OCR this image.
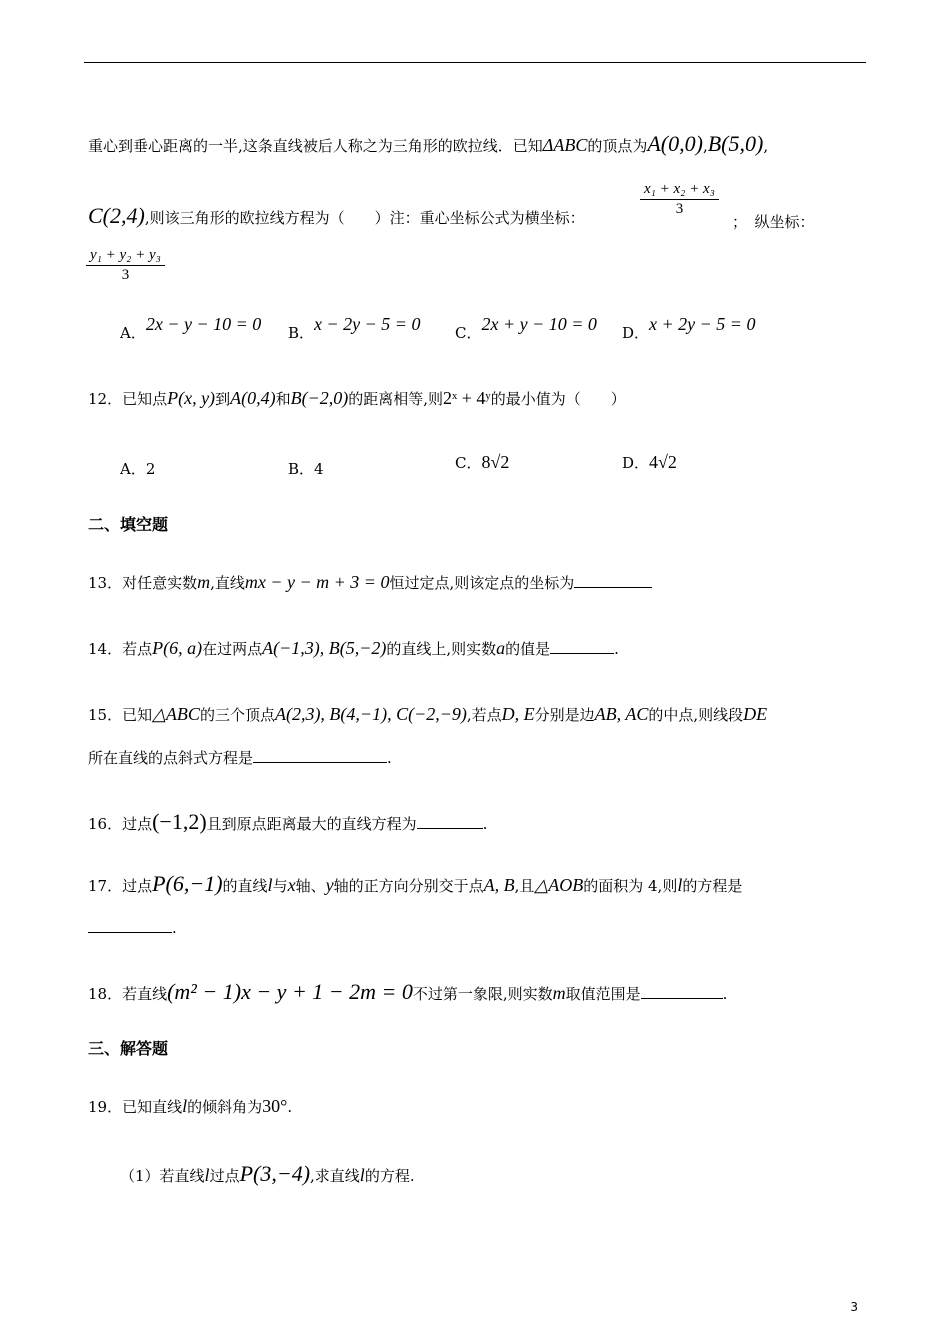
重心到垂心距离的一半,这条直线被后人称之为三角形的欧拉线．已知ΔABC的顶点为A(0,0),B(5,0),
C(2,4),则该三角形的欧拉线方程为（　　）注：重心坐标公式为横坐标：	$\frac{\text{x₁ + x₂ + x₃}}{3}$
；　纵坐标：
$\frac{\text{y₁ + y₂ + y₃}}{3}$
A．2x − y − 10 = 0 B．x − 2y − 5 = 0 C．2x + y − 10 = 0 D．x + 2y − 5 = 0
12．已知点P(x, y)到A(0,4)和B(−2,0)的距离相等,则2ˣ + 4ʸ的最小值为（　　）
A．2	B．4	C．8√2	D．4√2
二、填空题
13．对任意实数m,直线mx − y − m + 3 = 0恒过定点,则该定点的坐标为
14．若点P(6, a)在过两点A(−1,3), B(5,−2)的直线上,则实数a的值是	.
15．已知△ABC的三个顶点A(2,3), B(4,−1), C(−2,−9),若点D, E分别是边AB, AC的中点,则线段DE
所在直线的点斜式方程是	.
16．过点(−1,2)且到原点距离最大的直线方程为	.
17．过点P(6,−1)的直线l与x轴、y轴的正方向分别交于点A, B,且△AOB的面积为 4,则l的方程是
.
18．若直线(m² − 1)x − y + 1 − 2m = 0不过第一象限,则实数m取值范围是	.
三、解答题
19．已知直线l的倾斜角为30°.
（1）若直线l过点P(3,−4),求直线l的方程.
3
